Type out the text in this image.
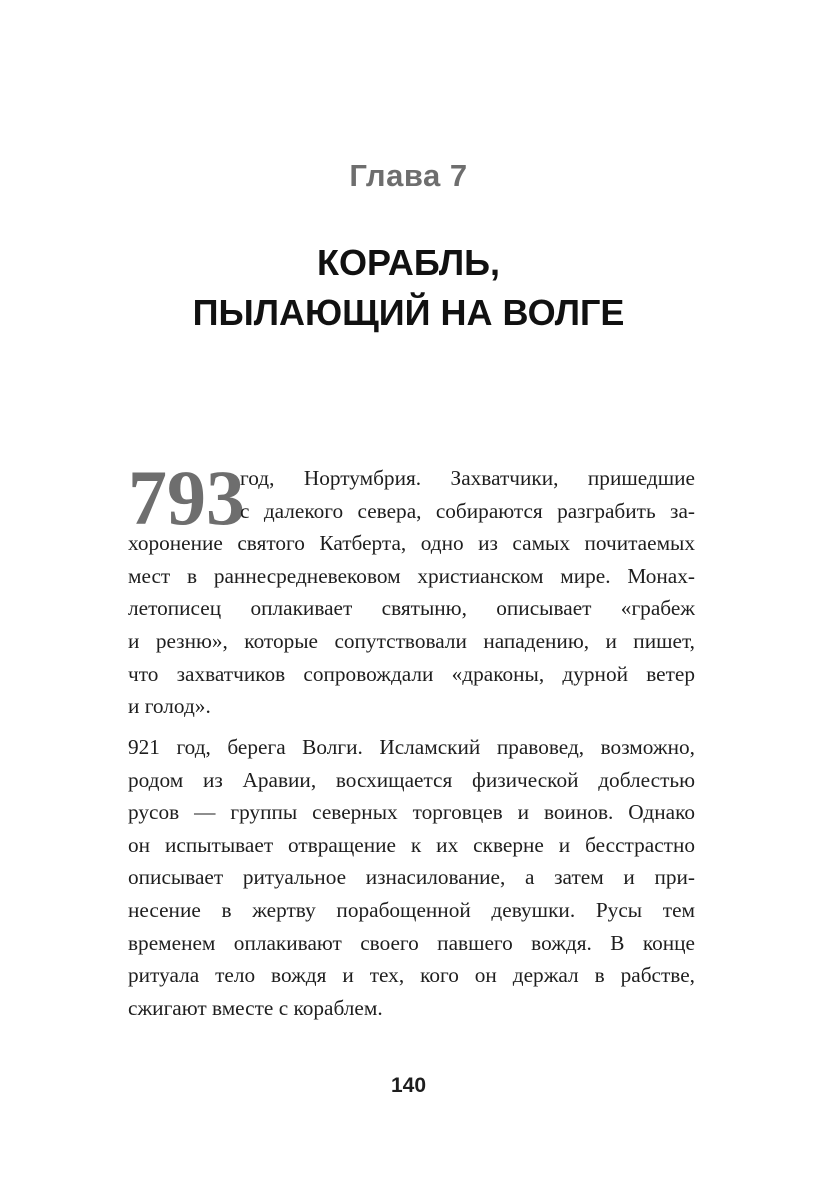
Глава 7
КОРАБЛЬ,
ПЫЛАЮЩИЙ НА ВОЛГЕ
793
год, Нортумбрия. Захватчики, пришедшие
с далекого севера, собираются разграбить за-
хоронение святого Катберта, одно из самых почитаемых
мест в раннесредневековом христианском мире. Монах-
летописец оплакивает святыню, описывает «грабеж
и резню», которые сопутствовали нападению, и пишет,
что захватчиков сопровождали «драконы, дурной ветер
и голод».
921 год, берега Волги. Исламский правовед, возможно,
родом из Аравии, восхищается физической доблестью
русов — группы северных торговцев и воинов. Однако
он испытывает отвращение к их скверне и бесстрастно
описывает ритуальное изнасилование, а затем и при-
несение в жертву порабощенной девушки. Русы тем
временем оплакивают своего павшего вождя. В конце
ритуала тело вождя и тех, кого он держал в рабстве,
сжигают вместе с кораблем.
140
